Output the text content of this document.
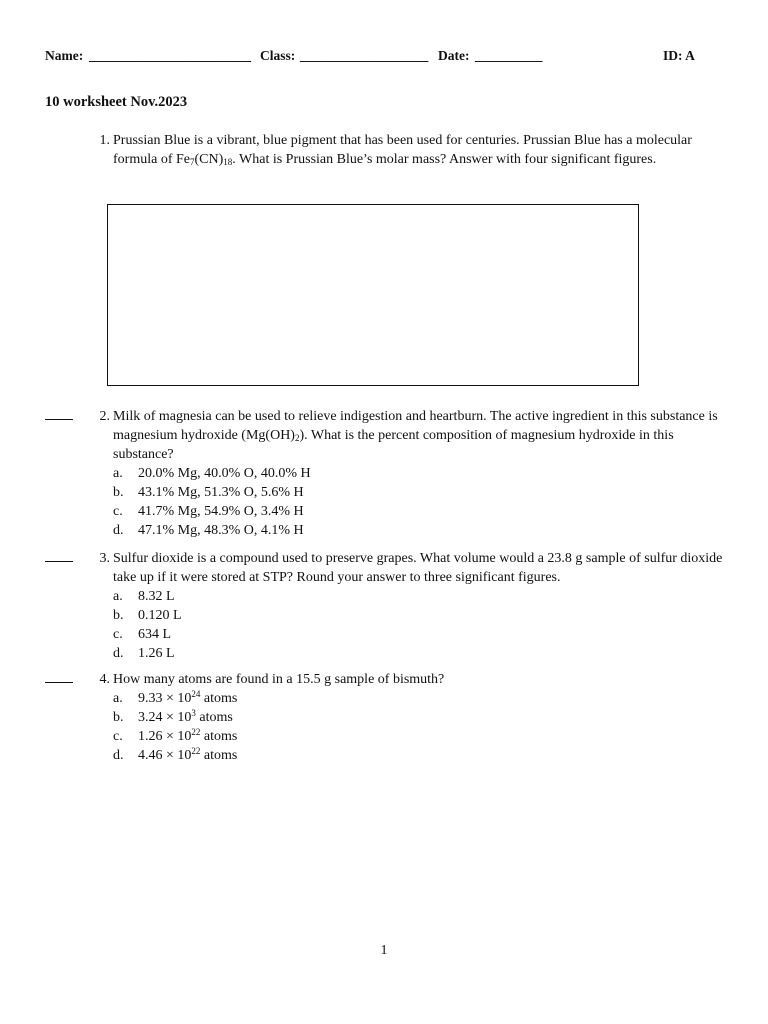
Name: ________________________ Class: ___________________ Date: __________	ID: A
10 worksheet Nov.2023
1. Prussian Blue is a vibrant, blue pigment that has been used for centuries. Prussian Blue has a molecular formula of $Fe_7(CN)_{18}$. What is Prussian Blue’s molar mass? Answer with four significant figures.

2. Milk of magnesia can be used to relieve indigestion and heartburn. The active ingredient in this substance is magnesium hydroxide $(Mg(OH)_2)$. What is the percent composition of magnesium hydroxide in this substance?

a. 20.0% Mg, 40.0% O, 40.0% H
b. 43.1% Mg, 51.3% O, 5.6% H
c. 41.7% Mg, 54.9% O, 3.4% H
d. 47.1% Mg, 48.3% O, 4.1% H
3. Sulfur dioxide is a compound used to preserve grapes. What volume would a 23.8 g sample of sulfur dioxide take up if it were stored at STP? Round your answer to three significant figures.

a. 8.32 L
b. 0.120 L
c. 634 L
d. 1.26 L
4. How many atoms are found in a 15.5 g sample of bismuth?

a. $9.33 \times 10^{24}$ atoms
b. $3.24 \times 10^3$ atoms
c. $1.26 \times 10^{22}$ atoms
d. $4.46 \times 10^{22}$ atoms
1
